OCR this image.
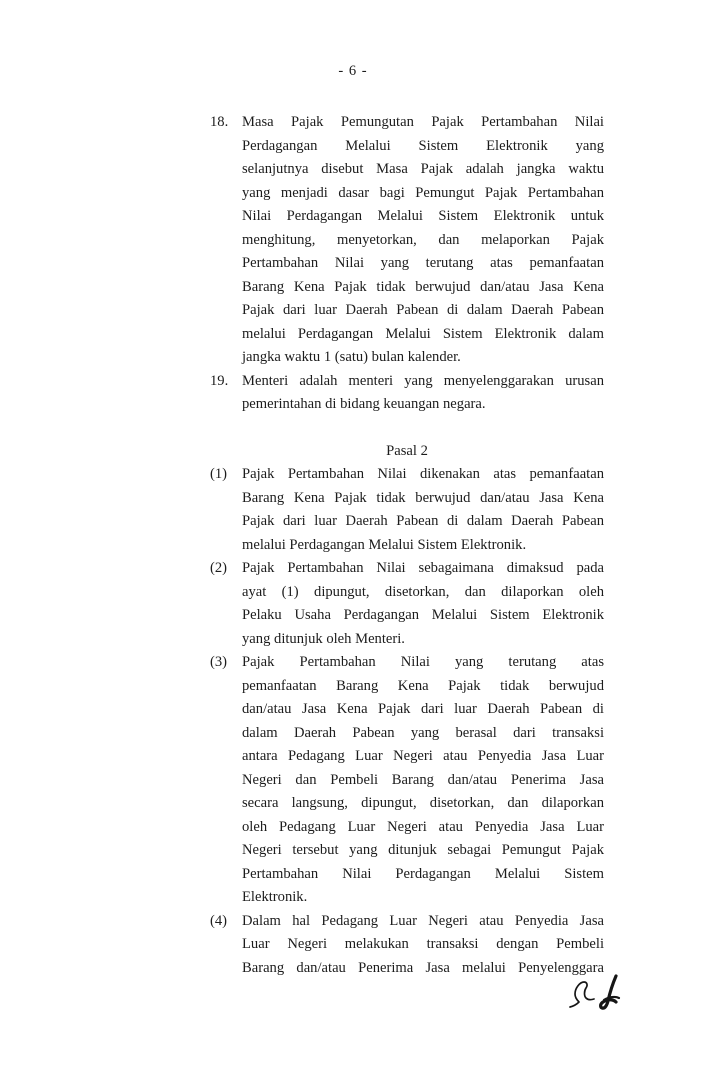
- 6 -
18. Masa Pajak Pemungutan Pajak Pertambahan Nilai
Perdagangan Melalui Sistem Elektronik yang
selanjutnya disebut Masa Pajak adalah jangka waktu
yang menjadi dasar bagi Pemungut Pajak Pertambahan
Nilai Perdagangan Melalui Sistem Elektronik untuk
menghitung, menyetorkan, dan melaporkan Pajak
Pertambahan Nilai yang terutang atas pemanfaatan
Barang Kena Pajak tidak berwujud dan/atau Jasa Kena
Pajak dari luar Daerah Pabean di dalam Daerah Pabean
melalui Perdagangan Melalui Sistem Elektronik dalam
jangka waktu 1 (satu) bulan kalender.
19. Menteri adalah menteri yang menyelenggarakan urusan
pemerintahan di bidang keuangan negara.
Pasal 2
(1)	Pajak Pertambahan Nilai dikenakan atas pemanfaatan
Barang Kena Pajak tidak berwujud dan/atau Jasa Kena
Pajak dari luar Daerah Pabean di dalam Daerah Pabean
melalui Perdagangan Melalui Sistem Elektronik.
(2)	Pajak Pertambahan Nilai sebagaimana dimaksud pada
ayat (1) dipungut, disetorkan, dan dilaporkan oleh
Pelaku Usaha Perdagangan Melalui Sistem Elektronik
yang ditunjuk oleh Menteri.
(3)	Pajak Pertambahan Nilai yang terutang atas
pemanfaatan Barang Kena Pajak tidak berwujud
dan/atau Jasa Kena Pajak dari luar Daerah Pabean di
dalam Daerah Pabean yang berasal dari transaksi
antara Pedagang Luar Negeri atau Penyedia Jasa Luar
Negeri dan Pembeli Barang dan/atau Penerima Jasa
secara langsung, dipungut, disetorkan, dan dilaporkan
oleh Pedagang Luar Negeri atau Penyedia Jasa Luar
Negeri tersebut yang ditunjuk sebagai Pemungut Pajak
Pertambahan Nilai Perdagangan Melalui Sistem
Elektronik.
(4)	Dalam hal Pedagang Luar Negeri atau Penyedia Jasa
Luar Negeri melakukan transaksi dengan Pembeli
Barang dan/atau Penerima Jasa melalui Penyelenggara
